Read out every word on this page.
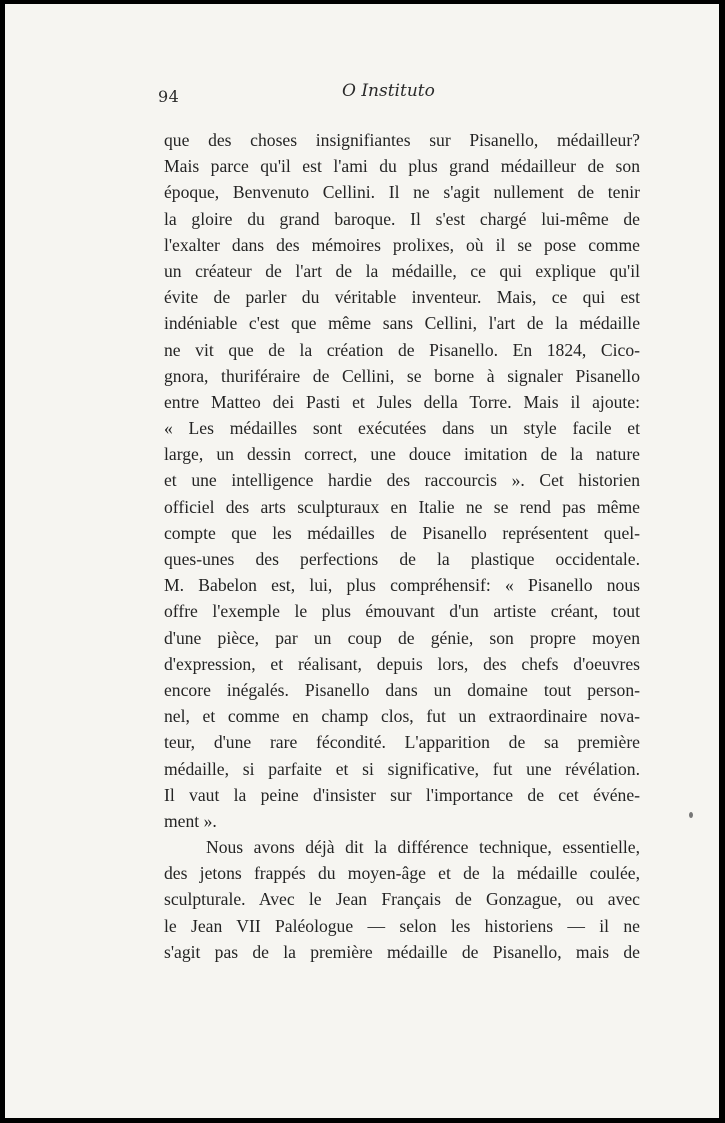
94	O Instituto
que des choses insignifiantes sur Pisanello, médailleur?
Mais parce qu'il est l'ami du plus grand médailleur de son
époque, Benvenuto Cellini. Il ne s'agit nullement de tenir
la gloire du grand baroque. Il s'est chargé lui-même de
l'exalter dans des mémoires prolixes, où il se pose comme
un créateur de l'art de la médaille, ce qui explique qu'il
évite de parler du véritable inventeur. Mais, ce qui est
indéniable c'est que même sans Cellini, l'art de la médaille
ne vit que de la création de Pisanello. En 1824, Cico-
gnora, thuriféraire de Cellini, se borne à signaler Pisanello
entre Matteo dei Pasti et Jules della Torre. Mais il ajoute:
« Les médailles sont exécutées dans un style facile et
large, un dessin correct, une douce imitation de la nature
et une intelligence hardie des raccourcis ». Cet historien
officiel des arts sculpturaux en Italie ne se rend pas même
compte que les médailles de Pisanello représentent quel-
ques-unes des perfections de la plastique occidentale.
M. Babelon est, lui, plus compréhensif: « Pisanello nous
offre l'exemple le plus émouvant d'un artiste créant, tout
d'une pièce, par un coup de génie, son propre moyen
d'expression, et réalisant, depuis lors, des chefs d'oeuvres
encore inégalés. Pisanello dans un domaine tout person-
nel, et comme en champ clos, fut un extraordinaire nova-
teur, d'une rare fécondité. L'apparition de sa première
médaille, si parfaite et si significative, fut une révélation.
Il vaut la peine d'insister sur l'importance de cet événe-
ment ».
Nous avons déjà dit la différence technique, essentielle,
des jetons frappés du moyen-âge et de la médaille coulée,
sculpturale. Avec le Jean Français de Gonzague, ou avec
le Jean VII Paléologue — selon les historiens — il ne
s'agit pas de la première médaille de Pisanello, mais de
